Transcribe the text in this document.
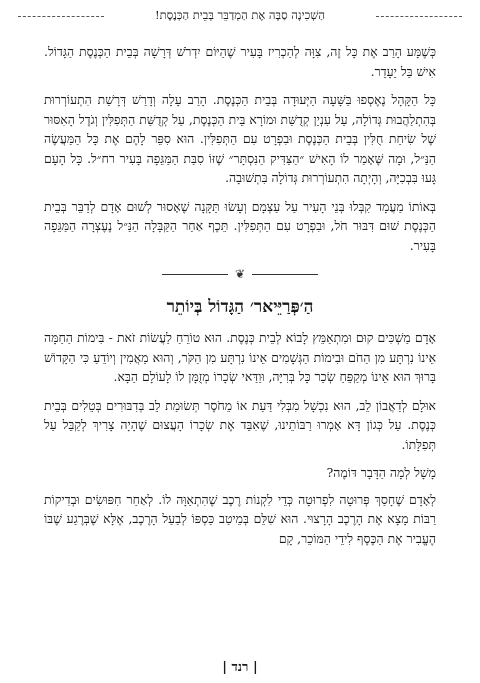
הַשְׁכִינָה סַבָּה אֶת הַמְדַבֵּר בְּבֵית הַכְּנֶסֶת!

כְּשֶׁמָּע הָרַב אֶת כָּל זֶה, צִוָּה לְהַכְרִיז בָּעִיר שֶׁהַיּוֹם יִדְרֹשׁ דְּרָשָׁה בְּבֵית הַכְּנֶסֶת הַגָּדוֹל. אִישׁ בַּל יֵעָדֵר.

כָּל הַקָּהָל נֶאֶסְפוּ בַּשָּׁעָה הַיְּעוּדָה בְּבֵית הַכְּנֶסֶת. הָרַב עָלָה וְדָרַשׁ דְּרָשַׁת הִתְעוֹרְרוּת בְּהִתְלַהֲבוּת גְּדוֹלָה, עַל עִנְיַן קְדֻשַּׁת וּמוֹרָא בֵּית הַכְּנֶסֶת, עַל קְדֻשַּׁת הַתְּפִלִּין וְגֹדֶל הָאִסּוּר שֶׁל שִׂיחַת חֻלִּין בְּבֵית הַכְּנֶסֶת וּבִפְרָט עִם הַתְּפִלִּין. הוּא סִפֵּר לָהֶם אֶת כָּל הַמַּעֲשֶׂה הַנַּ״ל, וּמָה שֶּׁאָמַר לוֹ הָאִישׁ ״הַצַּדִּיק הַנִּסְתָּר״ שֶׁזּוֹ סִבַּת הַמַּגֵּפָה בָּעִיר רח״ל. כָּל הָעָם גָּעוּ בִּבְכִיָּה, וְהָיְתָה הִתְעוֹרְרוּת גְּדוֹלָה בִּתְשׁוּבָה.

בְּאוֹתוֹ מַעֲמָד קִבְּלוּ בְּנֵי הָעִיר עַל עַצְמָם וְעָשׂוּ תַּקָּנָה שֶׁאָסוּר לְשׁוּם אָדָם לְדַבֵּר בְּבֵית הַכְּנֶסֶת שׁוּם דִּבּוּר חֹל, וּבִפְרָט עִם הַתְּפִלִּין. תֵּכֶף אַחַר הַקַּבָּלָה הַנַּ״ל נֶעֶצְרָה הַמַּגֵּפָה בָּעִיר.

❦
הַ׳פְּרַיֵּיאר׳ הַגָּדוֹל בְּיוֹתֵר

אָדָם מַשְׁכִּים קוּם וּמִתְאַמֵּץ לָבוֹא לְבֵית כְּנֶסֶת. הוּא טוֹרֵחַ לַעֲשׂוֹת זֹאת - בִּימוֹת הַחַמָּה אֵינוֹ נִרְתָּע מִן הַחֹם וּבִימוֹת הַגְּשָׁמִים אֵינוֹ נִרְתָּע מִן הַקֹּר, וְהוּא מַאֲמִין וְיוֹדֵעַ כִּי הַקָּדוֹשׁ בָּרוּךְ הוּא אֵינוֹ מְקַפֵּחַ שְׂכַר כָּל בְּרִיָּה, וּוַדַּאי שְׂכָרוֹ מְזֻמָּן לוֹ לָעוֹלָם הַבָּא.

אוּלָם לְדַאֲבוֹן לֵב, הוּא נִכְשָׁל מִבְּלִי דַּעַת אוֹ מֵחֹסֶר תְּשׂוּמַת לֵב בְּדִבּוּרִים בְּטֵלִים בְּבֵית כְּנֶסֶת. עַל כְּגוֹן דָּא אָמְרוּ רַבּוֹתֵינוּ, שֶׁאִבֵּד אֶת שְׂכָרוֹ הָעֲצוּם שֶׁהָיָה צָרִיךְ לְקַבֵּל עַל תְּפִלָּתוֹ.

מָשָׁל לְמָה הַדָּבָר דּוֹמֶה?

לְאָדָם שֶׁחָסַךְ פְּרוּטָה לִפְרוּטָה כְּדֵי לִקְנוֹת רֶכֶב שֶׁהִתְאַוָּה לוֹ. לְאַחַר חִפּוּשִׂים וּבְדִיקוֹת רַבּוֹת מָצָא אֶת הָרֶכֶב הָרָצוּי. הוּא שִׁלֵּם בְּמֵיטַב כַּסְפּוֹ לְבַעַל הָרֶכֶב, אֶלָּא שֶׁבְּרֶגַע שֶׁבּוֹ הֶעֱבִיר אֶת הַכֶּסֶף לִידֵי הַמּוֹכֵר, קָם

| רנד |
